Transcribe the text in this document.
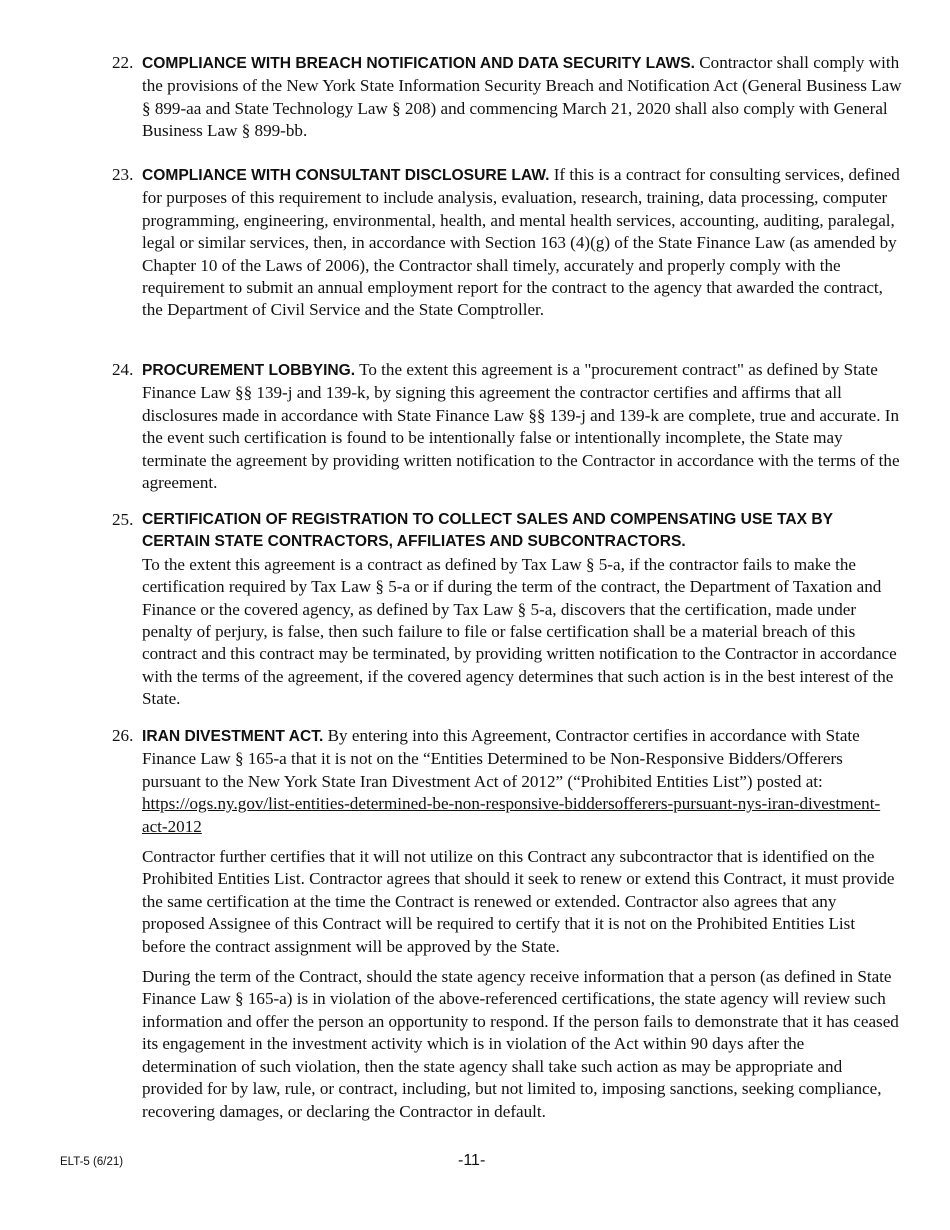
22. COMPLIANCE WITH BREACH NOTIFICATION AND DATA SECURITY LAWS. Contractor shall comply with the provisions of the New York State Information Security Breach and Notification Act (General Business Law § 899-aa and State Technology Law § 208) and commencing March 21, 2020 shall also comply with General Business Law § 899-bb.
23. COMPLIANCE WITH CONSULTANT DISCLOSURE LAW. If this is a contract for consulting services, defined for purposes of this requirement to include analysis, evaluation, research, training, data processing, computer programming, engineering, environmental, health, and mental health services, accounting, auditing, paralegal, legal or similar services, then, in accordance with Section 163 (4)(g) of the State Finance Law (as amended by Chapter 10 of the Laws of 2006), the Contractor shall timely, accurately and properly comply with the requirement to submit an annual employment report for the contract to the agency that awarded the contract, the Department of Civil Service and the State Comptroller.
24. PROCUREMENT LOBBYING. To the extent this agreement is a "procurement contract" as defined by State Finance Law §§ 139-j and 139-k, by signing this agreement the contractor certifies and affirms that all disclosures made in accordance with State Finance Law §§ 139-j and 139-k are complete, true and accurate. In the event such certification is found to be intentionally false or intentionally incomplete, the State may terminate the agreement by providing written notification to the Contractor in accordance with the terms of the agreement.
25. CERTIFICATION OF REGISTRATION TO COLLECT SALES AND COMPENSATING USE TAX BY CERTAIN STATE CONTRACTORS, AFFILIATES AND SUBCONTRACTORS.
To the extent this agreement is a contract as defined by Tax Law § 5-a, if the contractor fails to make the certification required by Tax Law § 5-a or if during the term of the contract, the Department of Taxation and Finance or the covered agency, as defined by Tax Law § 5-a, discovers that the certification, made under penalty of perjury, is false, then such failure to file or false certification shall be a material breach of this contract and this contract may be terminated, by providing written notification to the Contractor in accordance with the terms of the agreement, if the covered agency determines that such action is in the best interest of the State.
26. IRAN DIVESTMENT ACT. By entering into this Agreement, Contractor certifies in accordance with State Finance Law § 165-a that it is not on the “Entities Determined to be Non-Responsive Bidders/Offerers pursuant to the New York State Iran Divestment Act of 2012” (“Prohibited Entities List”) posted at: https://ogs.ny.gov/list-entities-determined-be-non-responsive-biddersofferers-pursuant-nys-iran-divestment-act-2012
Contractor further certifies that it will not utilize on this Contract any subcontractor that is identified on the Prohibited Entities List. Contractor agrees that should it seek to renew or extend this Contract, it must provide the same certification at the time the Contract is renewed or extended. Contractor also agrees that any proposed Assignee of this Contract will be required to certify that it is not on the Prohibited Entities List before the contract assignment will be approved by the State.
During the term of the Contract, should the state agency receive information that a person (as defined in State Finance Law § 165-a) is in violation of the above-referenced certifications, the state agency will review such information and offer the person an opportunity to respond. If the person fails to demonstrate that it has ceased its engagement in the investment activity which is in violation of the Act within 90 days after the determination of such violation, then the state agency shall take such action as may be appropriate and provided for by law, rule, or contract, including, but not limited to, imposing sanctions, seeking compliance, recovering damages, or declaring the Contractor in default.
ELT-5 (6/21)	-11-
